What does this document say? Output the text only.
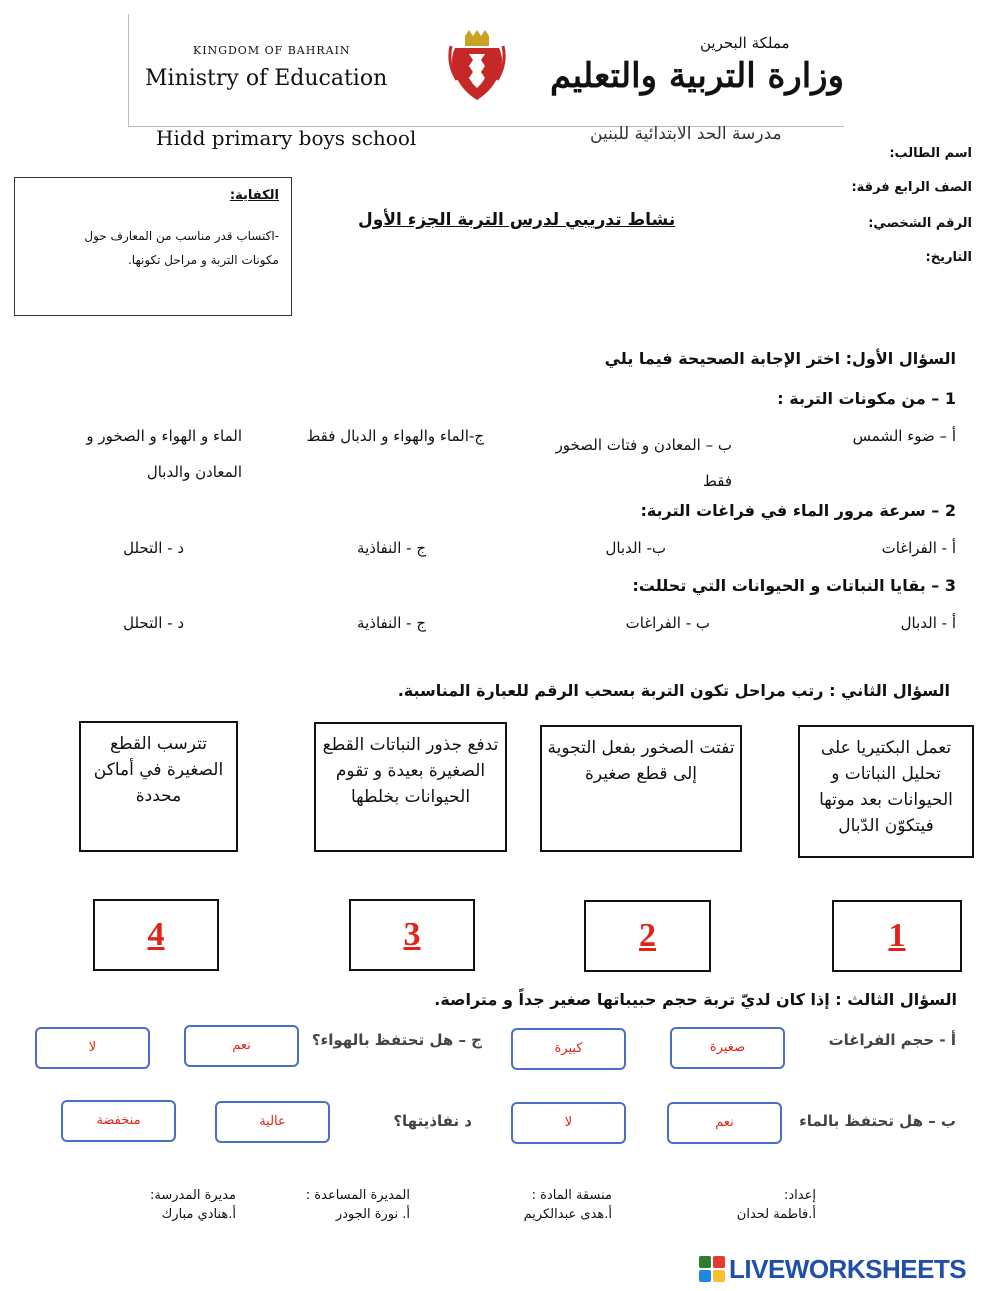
KINGDOM OF BAHRAIN
Ministry of Education
مملكة البحرين
وزارة التربية والتعليم
Hidd primary boys school	مدرسة الحد الابتدائية للبنين
اسم الطالب:
الصف الرابع فرقة:
الرقم الشخصي:
التاريخ:
الكفاية:
-اكتساب قدر مناسب من المعارف حول مكونات التربة و مراحل تكونها.
نشاط تدريبي لدرس التربة الجزء الأول
السؤال الأول: اختر الإجابة الصحيحة فيما يلي
1 – من مكونات التربة :
أ – ضوء الشمس
ب – المعادن و فتات الصخور فقط
ج-الماء والهواء و الدبال فقط
الماء و الهواء و الصخور و المعادن والدبال
2 – سرعة مرور الماء في فراغات التربة:
أ - الفراغات
ب- الدبال
ج - النفاذية
د - التحلل
3 – بقايا النباتات و الحيوانات التي تحللت:
أ - الدبال
ب - الفراغات
ج - النفاذية
د - التحلل
السؤال الثاني : رتب مراحل تكون التربة بسحب الرقم للعبارة المناسبة.
تعمل البكتيريا على تحليل النباتات و الحيوانات بعد موتها فيتكوّن الدّبال
تفتت الصخور بفعل التجوية إلى قطع صغيرة
تدفع جذور النباتات القطع الصغيرة بعيدة و تقوم الحيوانات بخلطها
تترسب القطع الصغيرة في أماكن محددة
1
2
3
4
السؤال الثالث : إذا كان لديّ تربة حجم حبيباتها صغير جداً و متراصة.
أ - حجم الفراغات
صغيرة
كبيرة
ج – هل تحتفظ بالهواء؟
نعم
لا
ب – هل تحتفظ بالماء
نعم
لا
د نفاذيتها؟
عالية
منخفضة
إعداد:
أ.فاطمة لحدان
منسقة المادة :
أ.هدى عبدالكريم
المديرة المساعدة :
أ. نورة الجودر
مديرة المدرسة:
أ.هنادي مبارك
LIVEWORKSHEETS
